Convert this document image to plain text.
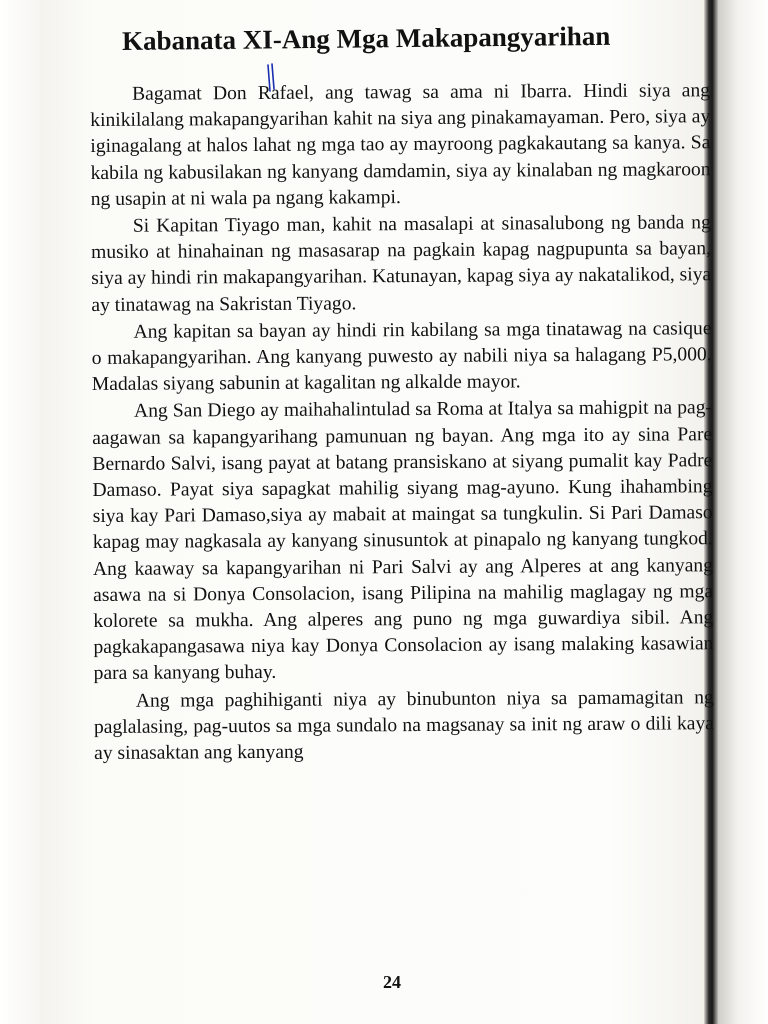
Kabanata XI-Ang Mga Makapangyarihan

Bagamat Don Rafael, ang tawag sa ama ni Ibarra. Hindi siya ang kinikilalang makapangyarihan kahit na siya ang pinakamayaman. Pero, siya ay iginagalang at halos lahat ng mga tao ay mayroong pagkakautang sa kanya. Sa kabila ng kabusilakan ng kanyang damdamin, siya ay kinalaban ng magkaroon ng usapin at ni wala pa ngang kakampi.

Si Kapitan Tiyago man, kahit na masalapi at sinasalubong ng banda ng musiko at hinahainan ng masasarap na pagkain kapag nagpupunta sa bayan, siya ay hindi rin makapangyarihan. Katunayan, kapag siya ay nakatalikod, siya ay tinatawag na Sakristan Tiyago.

Ang kapitan sa bayan ay hindi rin kabilang sa mga tinatawag na casique o makapangyarihan. Ang kanyang puwesto ay nabili niya sa halagang P5,000. Madalas siyang sabunin at kagalitan ng alkalde mayor.

Ang San Diego ay maihahalintulad sa Roma at Italya sa mahigpit na pag-aagawan sa kapangyarihang pamunuan ng bayan. Ang mga ito ay sina Pare Bernardo Salvi, isang payat at batang pransiskano at siyang pumalit kay Padre Damaso. Payat siya sapagkat mahilig siyang mag-ayuno. Kung ihahambing siya kay Pari Damaso,siya ay mabait at maingat sa tungkulin. Si Pari Damaso kapag may nagkasala ay kanyang sinusuntok at pinapalo ng kanyang tungkod. Ang kaaway sa kapangyarihan ni Pari Salvi ay ang Alperes at ang kanyang asawa na si Donya Consolacion, isang Pilipina na mahilig maglagay ng mga kolorete sa mukha. Ang alperes ang puno ng mga guwardiya sibil. Ang pagkakapangasawa niya kay Donya Consolacion ay isang malaking kasawian para sa kanyang buhay.

Ang mga paghihiganti niya ay binubunton niya sa pamamagitan ng paglalasing, pag-uutos sa mga sundalo na magsanay sa init ng araw o dili kaya ay sinasaktan ang kanyang

24
